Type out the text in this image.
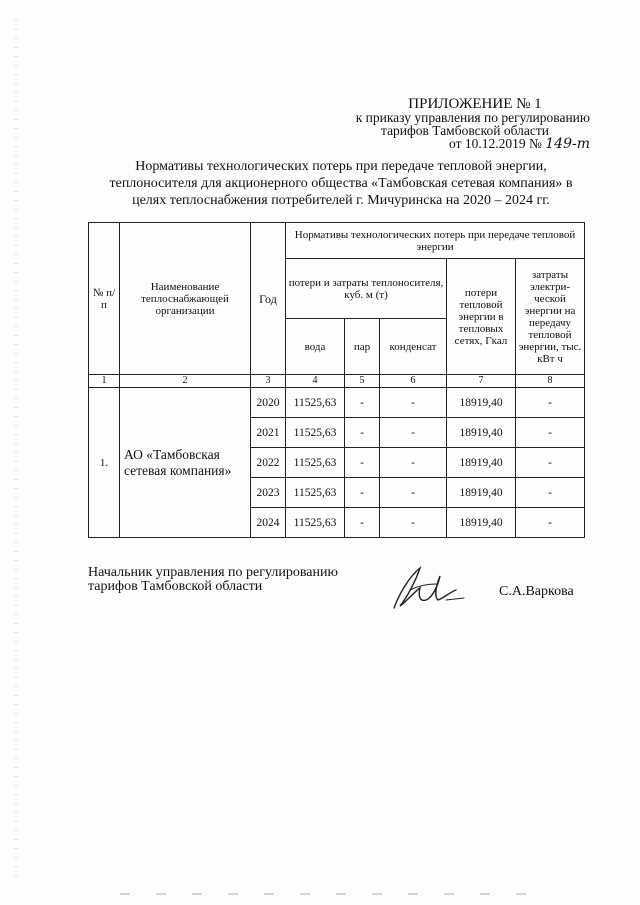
ПРИЛОЖЕНИЕ № 1
к приказу управления по регулированию
тарифов Тамбовской области
от 10.12.2019 № 149-т
Нормативы технологических потерь при передаче тепловой энергии, теплоносителя для акционерного общества «Тамбовская сетевая компания» в целях теплоснабжения потребителей г. Мичуринска на 2020 – 2024 гг.
№ п/п	Наименование теплоснабжающей организации	Год	Нормативы технологических потерь при передаче тепловой энергии				
			потери и затраты теплоносителя, куб. м (т)			потери тепловой энергии в тепловых сетях, Гкал	затраты электри-ческой энергии на передачу тепловой энергии, тыс. кВт ч
			вода	пар	конденсат		
1	2	3	4	5	6	7	8
1.	АО «Тамбовская сетевая компания»	2020	11525,63	-	-	18919,40	-
		2021	11525,63	-	-	18919,40	-
		2022	11525,63	-	-	18919,40	-
		2023	11525,63	-	-	18919,40	-
		2024	11525,63	-	-	18919,40	-
Начальник управления по регулированию
тарифов Тамбовской области	С.А.Варкова
